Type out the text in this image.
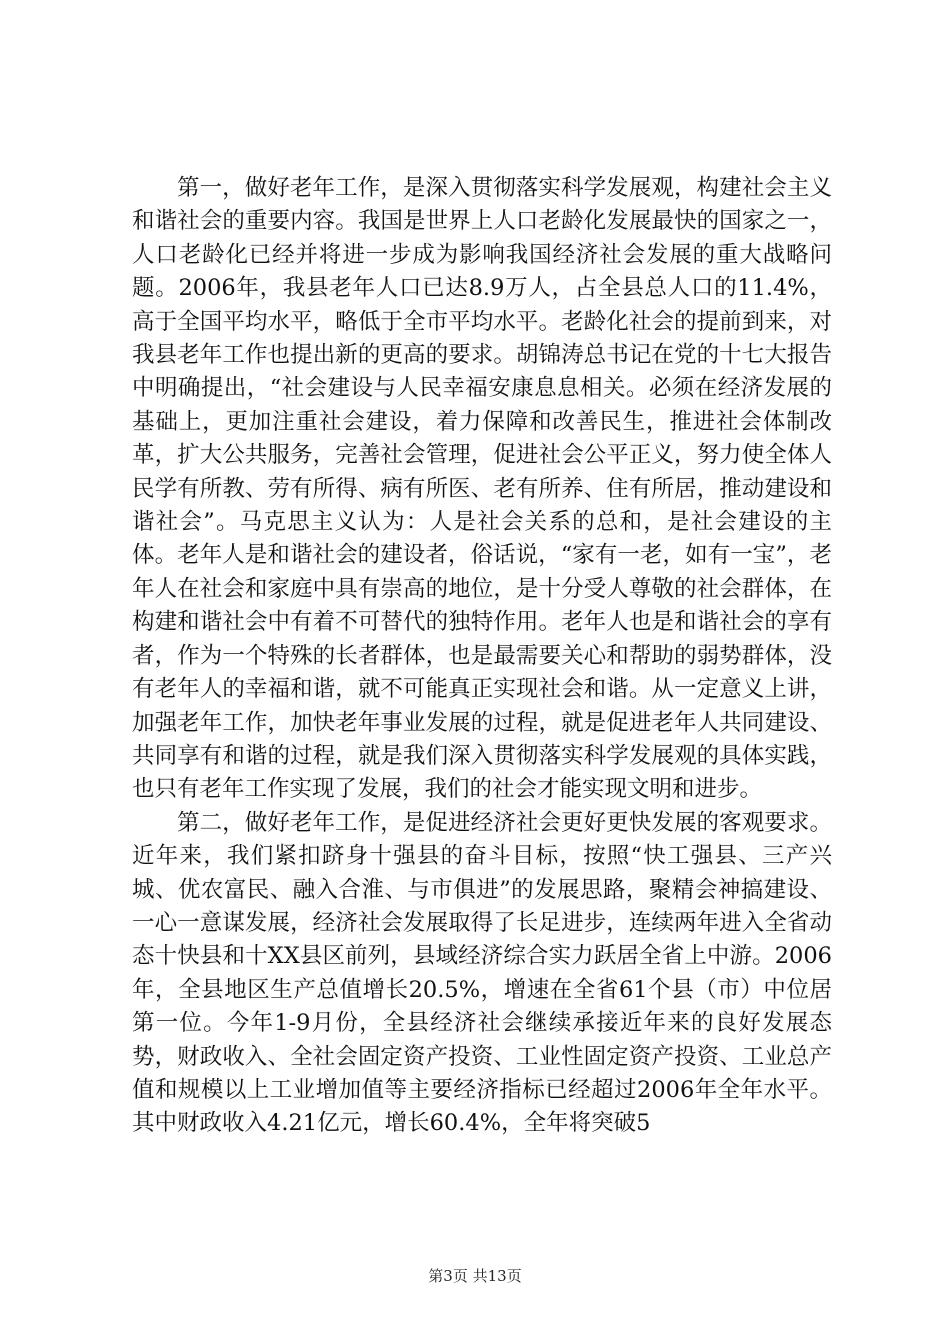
第一，做好老年工作，是深入贯彻落实科学发展观，构建社会主义和谐社会的重要内容。我国是世界上人口老龄化发展最快的国家之一，人口老龄化已经并将进一步成为影响我国经济社会发展的重大战略问题。2006年，我县老年人口已达8.9万人，占全县总人口的11.4%，高于全国平均水平，略低于全市平均水平。老龄化社会的提前到来，对我县老年工作也提出新的更高的要求。胡锦涛总书记在党的十七大报告中明确提出，“社会建设与人民幸福安康息息相关。必须在经济发展的基础上，更加注重社会建设，着力保障和改善民生，推进社会体制改革，扩大公共服务，完善社会管理，促进社会公平正义，努力使全体人民学有所教、劳有所得、病有所医、老有所养、住有所居，推动建设和谐社会”。马克思主义认为：人是社会关系的总和，是社会建设的主体。老年人是和谐社会的建设者，俗话说，“家有一老，如有一宝”，老年人在社会和家庭中具有崇高的地位，是十分受人尊敬的社会群体，在构建和谐社会中有着不可替代的独特作用。老年人也是和谐社会的享有者，作为一个特殊的长者群体，也是最需要关心和帮助的弱势群体，没有老年人的幸福和谐，就不可能真正实现社会和谐。从一定意义上讲，加强老年工作，加快老年事业发展的过程，就是促进老年人共同建设、共同享有和谐的过程，就是我们深入贯彻落实科学发展观的具体实践，也只有老年工作实现了发展，我们的社会才能实现文明和进步。

第二，做好老年工作，是促进经济社会更好更快发展的客观要求。近年来，我们紧扣跻身十强县的奋斗目标，按照“快工强县、三产兴城、优农富民、融入合淮、与市俱进”的发展思路，聚精会神搞建设、一心一意谋发展，经济社会发展取得了长足进步，连续两年进入全省动态十快县和十XX县区前列，县域经济综合实力跃居全省上中游。2006年，全县地区生产总值增长20.5%，增速在全省61个县（市）中位居第一位。今年1-9月份，全县经济社会继续承接近年来的良好发展态势，财政收入、全社会固定资产投资、工业性固定资产投资、工业总产值和规模以上工业增加值等主要经济指标已经超过2006年全年水平。其中财政收入4.21亿元，增长60.4%，全年将突破5

第3页 共13页
